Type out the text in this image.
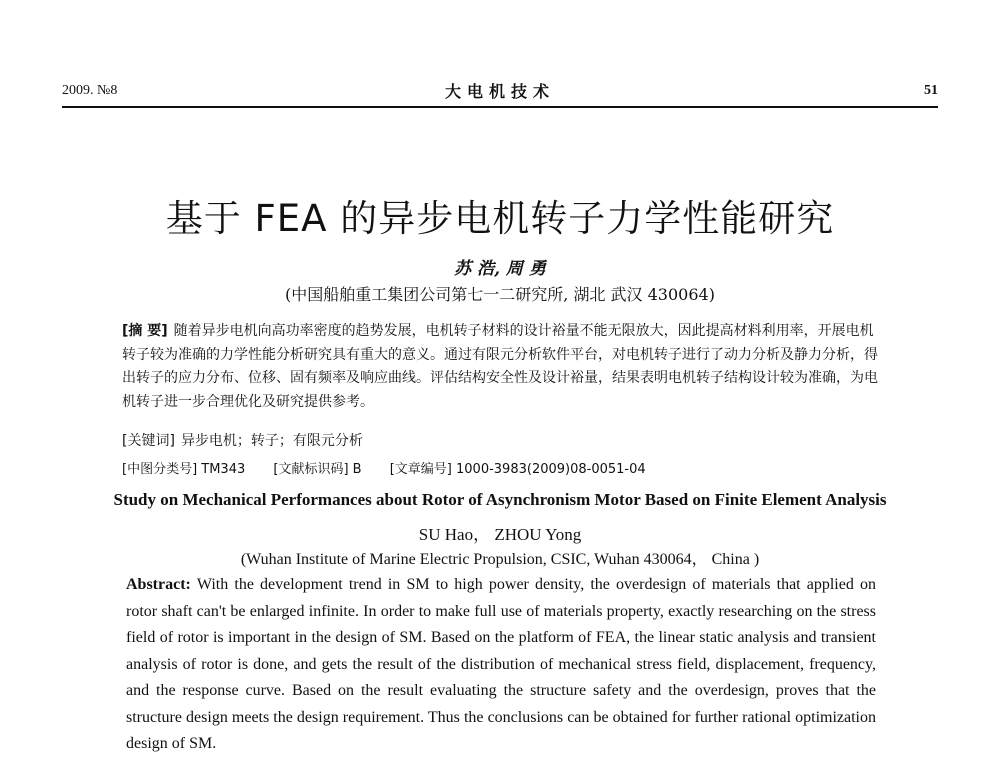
2009. №8	大电机技术	51
基于 FEA 的异步电机转子力学性能研究
苏 浩, 周 勇
(中国船舶重工集团公司第七一二研究所, 湖北 武汉 430064)
[摘 要] 随着异步电机向高功率密度的趋势发展，电机转子材料的设计裕量不能无限放大，因此提高材料利用率，开展电机转子较为准确的力学性能分析研究具有重大的意义。通过有限元分析软件平台，对电机转子进行了动力分析及静力分析，得出转子的应力分布、位移、固有频率及响应曲线。评估结构安全性及设计裕量，结果表明电机转子结构设计较为准确，为电机转子进一步合理优化及研究提供参考。
[关键词] 异步电机；转子；有限元分析
[中图分类号] TM343 [文献标识码] B [文章编号] 1000-3983(2009)08-0051-04
Study on Mechanical Performances about Rotor of Asynchronism Motor Based on Finite Element Analysis
SU Hao， ZHOU Yong
(Wuhan Institute of Marine Electric Propulsion, CSIC, Wuhan 430064， China )
Abstract: With the development trend in SM to high power density, the overdesign of materials that applied on rotor shaft can't be enlarged infinite. In order to make full use of materials property, exactly researching on the stress field of rotor is important in the design of SM. Based on the platform of FEA, the linear static analysis and transient analysis of rotor is done, and gets the result of the distribution of mechanical stress field, displacement, frequency, and the response curve. Based on the result evaluating the structure safety and the overdesign, proves that the structure design meets the design requirement. Thus the conclusions can be obtained for further rational optimization design of SM.
